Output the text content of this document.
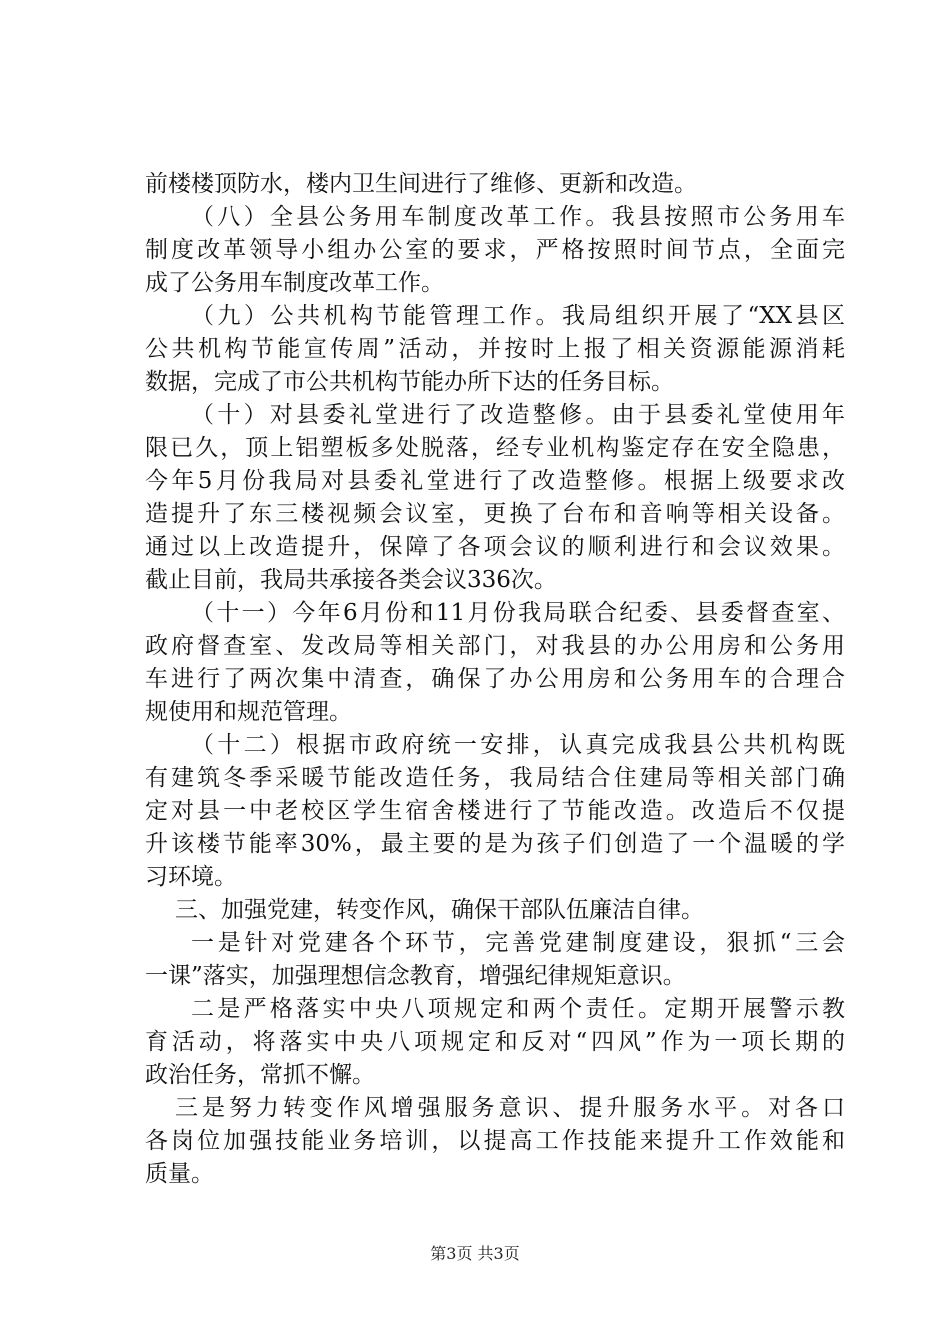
前楼楼顶防水，楼内卫生间进行了维修、更新和改造。
（八）全县公务用车制度改革工作。我县按照市公务用车
制度改革领导小组办公室的要求，严格按照时间节点，全面完
成了公务用车制度改革工作。
（九）公共机构节能管理工作。我局组织开展了“XX县区
公共机构节能宣传周”活动，并按时上报了相关资源能源消耗
数据，完成了市公共机构节能办所下达的任务目标。
（十）对县委礼堂进行了改造整修。由于县委礼堂使用年
限已久，顶上铝塑板多处脱落，经专业机构鉴定存在安全隐患，
今年5月份我局对县委礼堂进行了改造整修。根据上级要求改
造提升了东三楼视频会议室，更换了台布和音响等相关设备。
通过以上改造提升，保障了各项会议的顺利进行和会议效果。
截止目前，我局共承接各类会议336次。
（十一）今年6月份和11月份我局联合纪委、县委督查室、
政府督查室、发改局等相关部门，对我县的办公用房和公务用
车进行了两次集中清查，确保了办公用房和公务用车的合理合
规使用和规范管理。
（十二）根据市政府统一安排，认真完成我县公共机构既
有建筑冬季采暖节能改造任务，我局结合住建局等相关部门确
定对县一中老校区学生宿舍楼进行了节能改造。改造后不仅提
升该楼节能率30%，最主要的是为孩子们创造了一个温暖的学
习环境。
三、加强党建，转变作风，确保干部队伍廉洁自律。
一是针对党建各个环节，完善党建制度建设，狠抓“三会
一课”落实，加强理想信念教育，增强纪律规矩意识。
二是严格落实中央八项规定和两个责任。定期开展警示教
育活动，将落实中央八项规定和反对“四风”作为一项长期的
政治任务，常抓不懈。
三是努力转变作风增强服务意识、提升服务水平。对各口
各岗位加强技能业务培训，以提高工作技能来提升工作效能和
质量。
第3页 共3页
